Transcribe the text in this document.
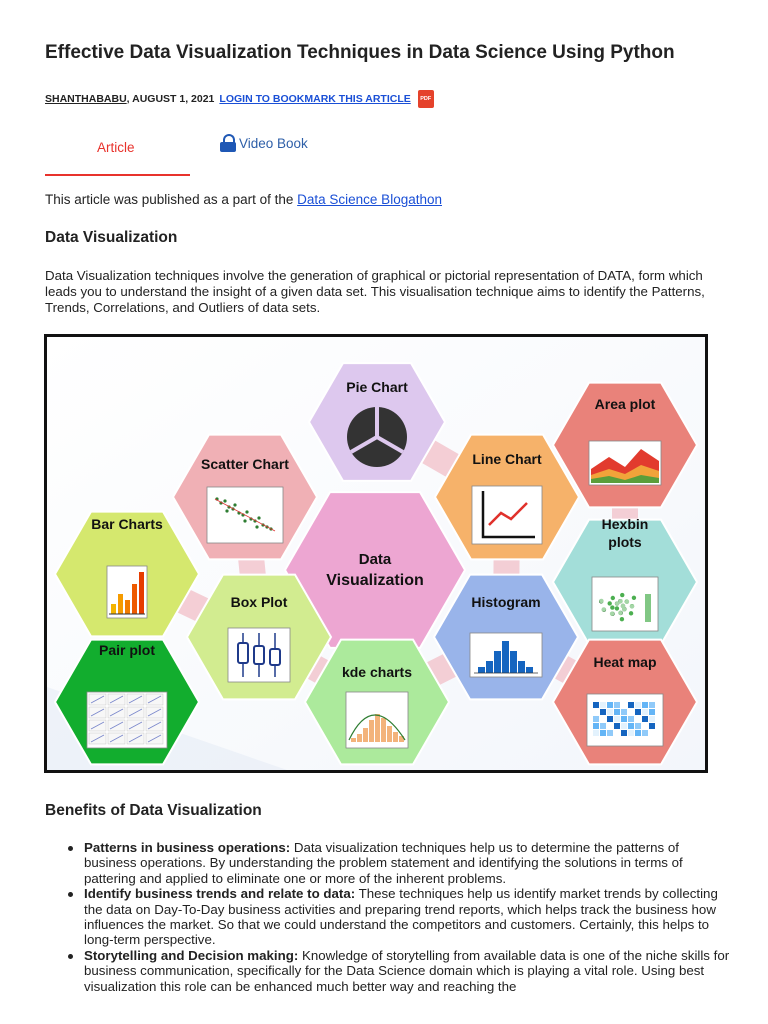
Effective Data Visualization Techniques in Data Science Using Python
SHANTHABABU , AUGUST 1, 2021 LOGIN TO BOOKMARK THIS ARTICLE	PDF
Article	Video Book

This article was published as a part of the Data Science Blogathon

Data Visualization

Data Visualization techniques involve the generation of graphical or pictorial representation of DATA, form which leads you to understand the insight of a given data set. This visualisation technique aims to identify the Patterns, Trends, Correlations, and Outliers of data sets.

Data
Visualization
Pie Chart
Area plot
Scatter Chart	Line Chart
Bar Charts	Hexbin
plots
Box Plot	Histogram
Pair plot
kde charts
Heat map
Benefits of Data Visualization
Patterns in business operations: Data visualization techniques help us to determine the patterns of business operations. By understanding the problem statement and identifying the solutions in terms of pattering and applied to eliminate one or more of the inherent problems.
Identify business trends and relate to data: These techniques help us identify market trends by collecting the data on Day-To-Day business activities and preparing trend reports, which helps track the business how influences the market. So that we could understand the competitors and customers. Certainly, this helps to long-term perspective.
Storytelling and Decision making: Knowledge of storytelling from available data is one of the niche skills for business communication, specifically for the Data Science domain which is playing a vital role. Using best visualization this role can be enhanced much better way and reaching the
